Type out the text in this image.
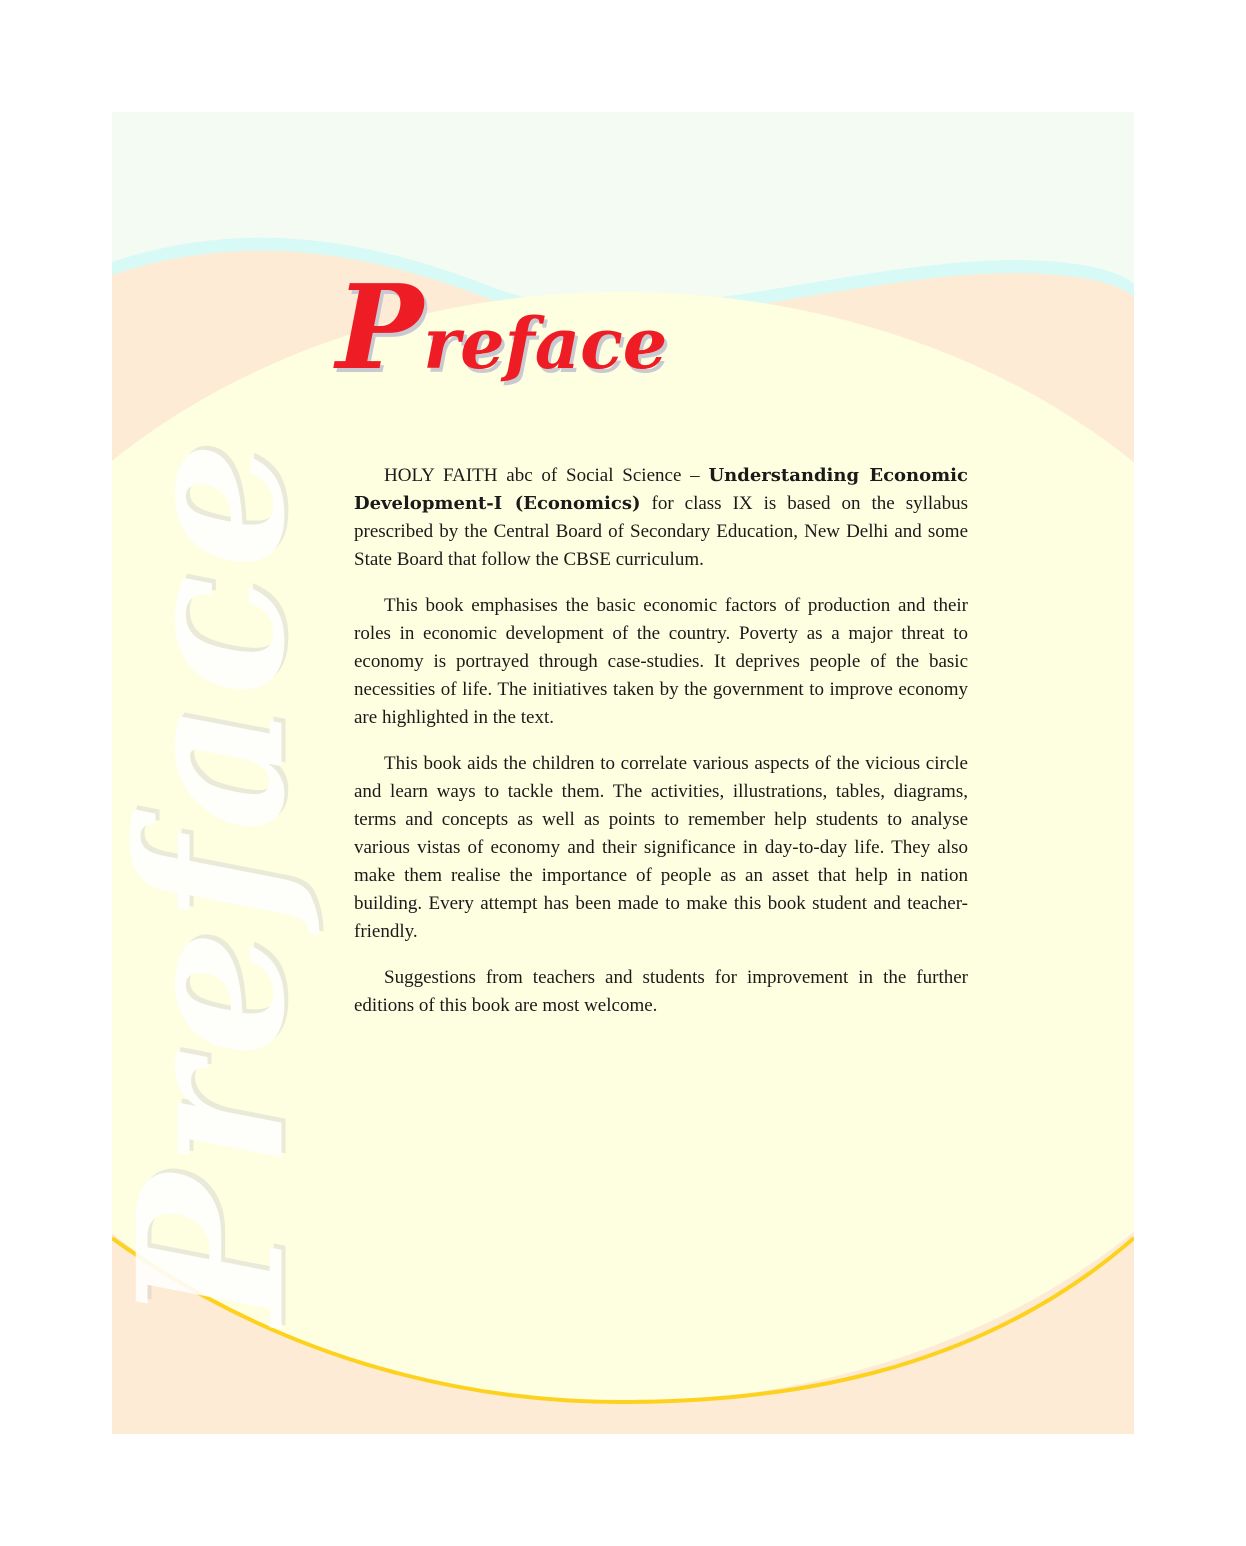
Preface
Preface

HOLY FAITH abc of Social Science – Understanding Economic Development-I (Economics) for class IX is based on the syllabus prescribed by the Central Board of Secondary Education, New Delhi and some State Board that follow the CBSE curriculum.

This book emphasises the basic economic factors of production and their roles in economic development of the country. Poverty as a major threat to economy is portrayed through case-studies. It deprives people of the basic necessities of life. The initiatives taken by the government to improve economy are highlighted in the text.

This book aids the children to correlate various aspects of the vicious circle and learn ways to tackle them. The activities, illustrations, tables, diagrams, terms and concepts as well as points to remember help students to analyse various vistas of economy and their significance in day-to-day life. They also make them realise the importance of people as an asset that help in nation building. Every attempt has been made to make this book student and teacher-friendly.

Suggestions from teachers and students for improvement in the further editions of this book are most welcome.
